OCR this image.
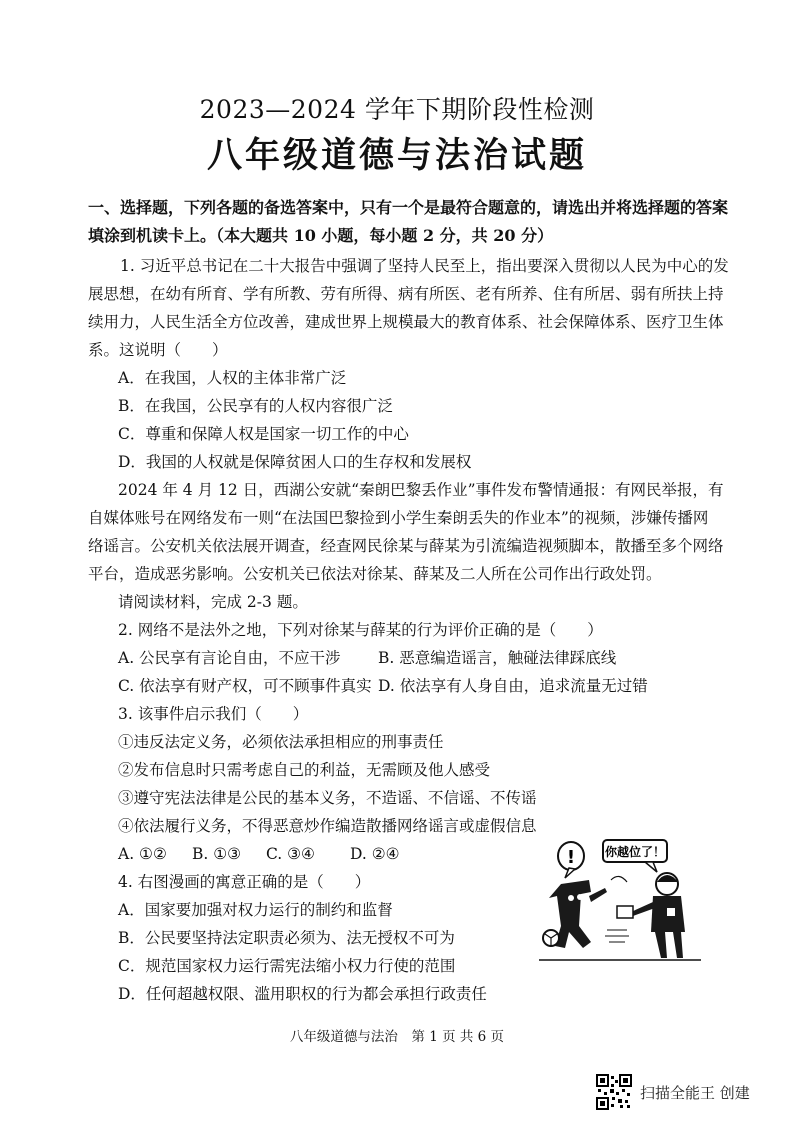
2023—2024 学年下期阶段性检测
八年级道德与法治试题
一、选择题，下列各题的备选答案中，只有一个是最符合题意的，请选出并将选择题的答案
填涂到机读卡上。（本大题共 10 小题，每小题 2 分，共 20 分）
1. 习近平总书记在二十大报告中强调了坚持人民至上，指出要深入贯彻以人民为中心的发
展思想，在幼有所育、学有所教、劳有所得、病有所医、老有所养、住有所居、弱有所扶上持
续用力，人民生活全方位改善，建成世界上规模最大的教育体系、社会保障体系、医疗卫生体
系。这说明（　　）
A．在我国，人权的主体非常广泛
B．在我国，公民享有的人权内容很广泛
C．尊重和保障人权是国家一切工作的中心
D．我国的人权就是保障贫困人口的生存权和发展权
2024 年 4 月 12 日，西湖公安就“秦朗巴黎丢作业”事件发布警情通报：有网民举报，有
自媒体账号在网络发布一则“在法国巴黎捡到小学生秦朗丢失的作业本”的视频，涉嫌传播网
络谣言。公安机关依法展开调查，经查网民徐某与薛某为引流编造视频脚本，散播至多个网络
平台，造成恶劣影响。公安机关已依法对徐某、薛某及二人所在公司作出行政处罚。
请阅读材料，完成 2-3 题。
2. 网络不是法外之地，下列对徐某与薛某的行为评价正确的是（　　）
A. 公民享有言论自由，不应干涉 B. 恶意编造谣言，触碰法律踩底线
C. 依法享有财产权，可不顾事件真实 D. 依法享有人身自由，追求流量无过错
3. 该事件启示我们（　　）
①违反法定义务，必须依法承担相应的刑事责任
②发布信息时只需考虑自己的利益，无需顾及他人感受
③遵守宪法法律是公民的基本义务，不造谣、不信谣、不传谣
④依法履行义务，不得恶意炒作编造散播网络谣言或虚假信息
A. ①② B. ①③ C. ③④ D. ②④
4. 右图漫画的寓意正确的是（　　）
A．国家要加强对权力运行的制约和监督
B．公民要坚持法定职责必须为、法无授权不可为
C．规范国家权力运行需宪法缩小权力行使的范围
D．任何超越权限、滥用职权的行为都会承担行政责任
! 你越位了！
八年级道德与法治　第 1 页 共 6 页
扫描全能王 创建
